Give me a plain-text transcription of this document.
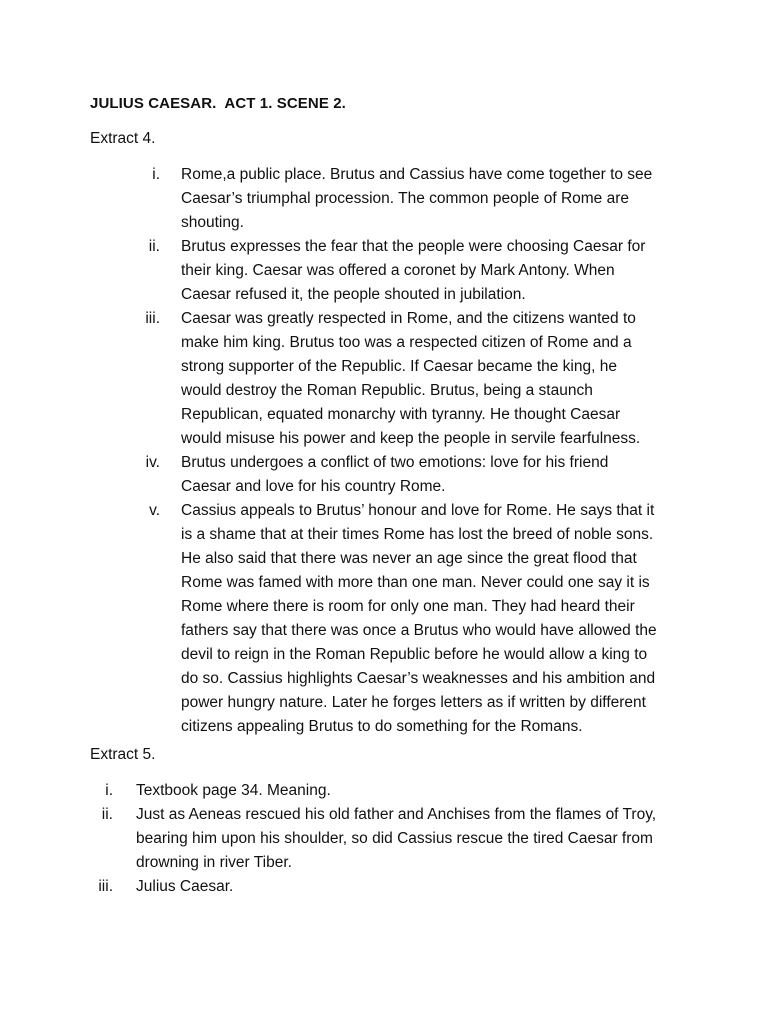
JULIUS CAESAR.  ACT 1. SCENE 2.
Extract 4.
i.	Rome,a public place. Brutus and Cassius have come together to see
Caesar’s triumphal procession. The common people of Rome are
shouting.
ii.	Brutus expresses the fear that the people were choosing Caesar for
their king. Caesar was offered a coronet by Mark Antony. When
Caesar refused it, the people shouted in jubilation.
iii.	Caesar was greatly respected in Rome, and the citizens wanted to
make him king. Brutus too was a respected citizen of Rome and a
strong supporter of the Republic. If Caesar became the king, he
would destroy the Roman Republic. Brutus, being a staunch
Republican, equated monarchy with tyranny. He thought Caesar
would misuse his power and keep the people in servile fearfulness.
iv.	Brutus undergoes a conflict of two emotions: love for his friend
Caesar and love for his country Rome.
v.	Cassius appeals to Brutus’ honour and love for Rome. He says that it
is a shame that at their times Rome has lost the breed of noble sons.
He also said that there was never an age since the great flood that
Rome was famed with more than one man. Never could one say it is
Rome where there is room for only one man. They had heard their
fathers say that there was once a Brutus who would have allowed the
devil to reign in the Roman Republic before he would allow a king to
do so. Cassius highlights Caesar’s weaknesses and his ambition and
power hungry nature. Later he forges letters as if written by different
citizens appealing Brutus to do something for the Romans.
Extract 5.
i.	Textbook page 34. Meaning.
ii.	Just as Aeneas rescued his old father and Anchises from the flames of Troy,
bearing him upon his shoulder, so did Cassius rescue the tired Caesar from
drowning in river Tiber.
iii.	Julius Caesar.
